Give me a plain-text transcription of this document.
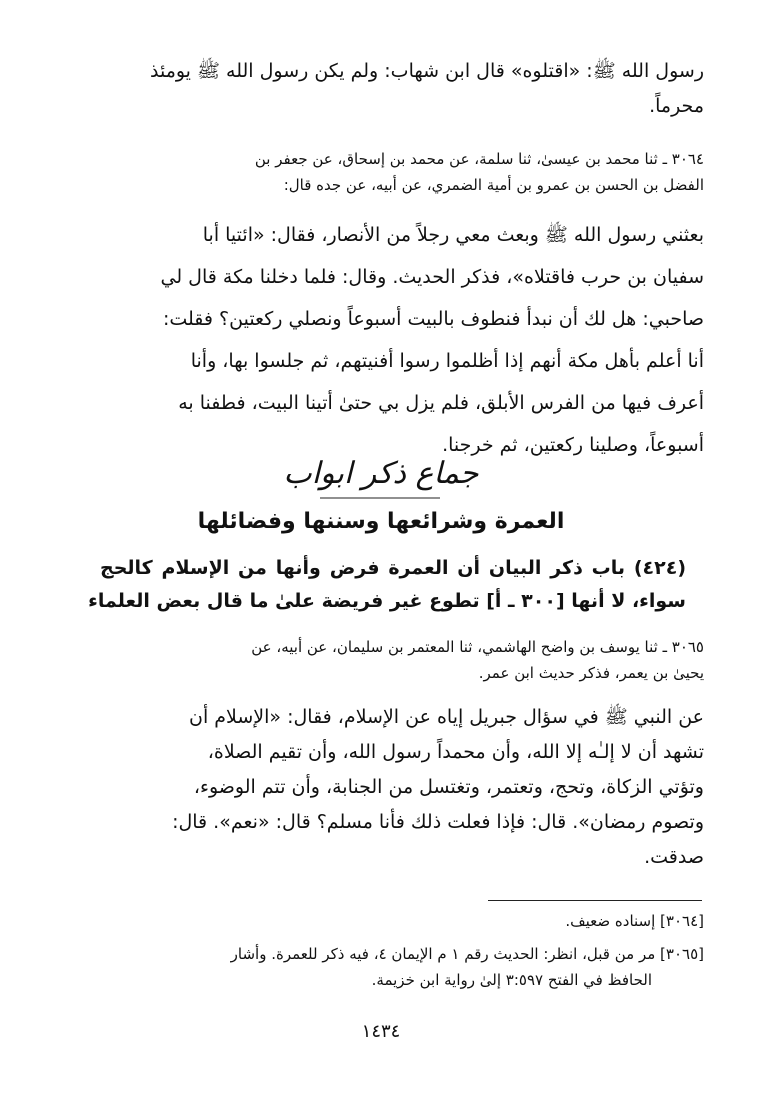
رسول الله ﷺ: «اقتلوه» قال ابن شهاب: ولم يكن رسول الله ﷺ يومئذ
محرماً.
٣٠٦٤ ـ ثنا محمد بن عيسىٰ، ثنا سلمة، عن محمد بن إسحاق، عن جعفر بن
الفضل بن الحسن بن عمرو بن أمية الضمري، عن أبيه، عن جده قال:
بعثني رسول الله ﷺ وبعث معي رجلاً من الأنصار، فقال: «ائتيا أبا
سفيان بن حرب فاقتلاه»، فذكر الحديث. وقال: فلما دخلنا مكة قال لي
صاحبي: هل لك أن نبدأ فنطوف بالبيت أسبوعاً ونصلي ركعتين؟ فقلت:
أنا أعلم بأهل مكة أنهم إذا أظلموا رسوا أفنيتهم، ثم جلسوا بها، وأنا
أعرف فيها من الفرس الأبلق، فلم يزل بي حتىٰ أتينا البيت، فطفنا به
أسبوعاً، وصلينا ركعتين، ثم خرجنا.
جماع ذكر ابواب
العمرة وشرائعها وسننها وفضائلها
(٤٢٤) باب ذكر البيان أن العمرة فرض وأنها من الإسلام كالحج
سواء، لا أنها [٣٠٠ ـ أ] تطوع غير فريضة علىٰ ما قال بعض العلماء
٣٠٦٥ ـ ثنا يوسف بن واضح الهاشمي، ثنا المعتمر بن سليمان، عن أبيه، عن
يحيىٰ بن يعمر، فذكر حديث ابن عمر.
عن النبي ﷺ في سؤال جبريل إياه عن الإسلام، فقال: «الإسلام أن
تشهد أن لا إلـٰه إلا الله، وأن محمداً رسول الله، وأن تقيم الصلاة،
وتؤتي الزكاة، وتحج، وتعتمر، وتغتسل من الجنابة، وأن تتم الوضوء،
وتصوم رمضان». قال: فإذا فعلت ذلك فأنا مسلم؟ قال: «نعم». قال:
صدقت.
[٣٠٦٤] إسناده ضعيف.
[٣٠٦٥] مر من قبل، انظر: الحديث رقم ١ م الإيمان ٤، فيه ذكر للعمرة. وأشار
الحافظ في الفتح ٣:٥٩٧ إلىٰ رواية ابن خزيمة.
١٤٣٤
